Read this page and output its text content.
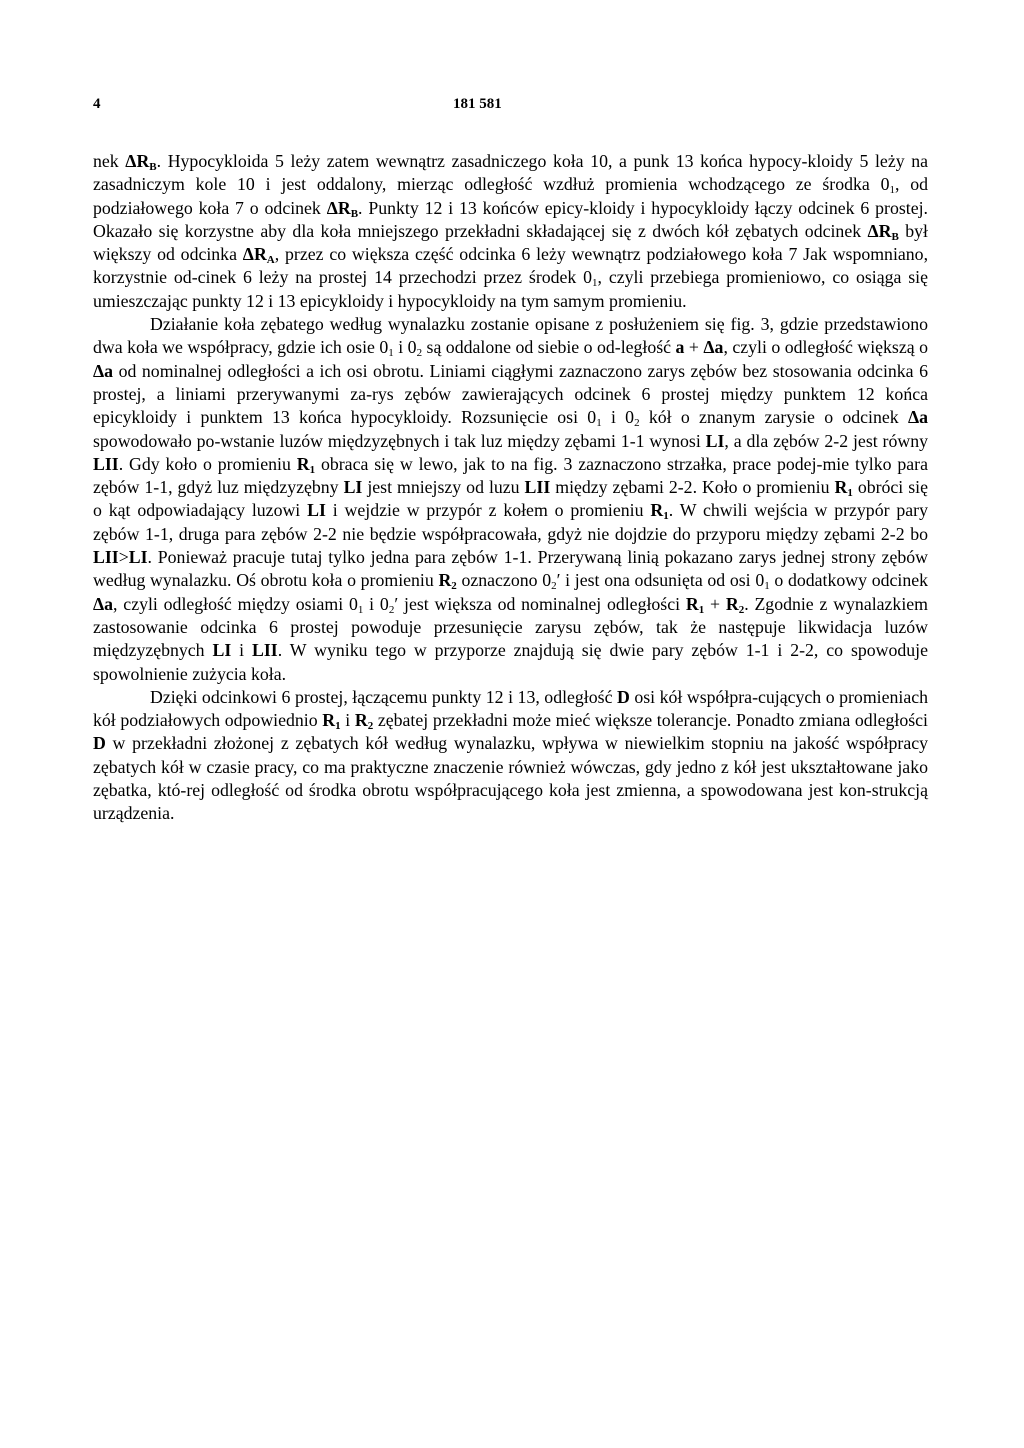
4	181 581

nek $\Delta R_B$. Hypocykloida 5 leży zatem wewnątrz zasadniczego koła 10, a punk 13 końca hypocy-kloidy 5 leży na zasadniczym kole 10 i jest oddalony, mierząc odległość wzdłuż promienia wchodzącego ze środka $0_1$, od podziałowego koła 7 o odcinek $\Delta R_B$. Punkty 12 i 13 końców epicy-kloidy i hypocykloidy łączy odcinek 6 prostej. Okazało się korzystne aby dla koła mniejszego przekładni składającej się z dwóch kół zębatych odcinek $\Delta R_B$ był większy od odcinka $\Delta R_A$, przez co większa część odcinka 6 leży wewnątrz podziałowego koła 7 Jak wspomniano, korzystnie od-cinek 6 leży na prostej 14 przechodzi przez środek $0_1$, czyli przebiega promieniowo, co osiąga się umieszczając punkty 12 i 13 epicykloidy i hypocykloidy na tym samym promieniu.

Działanie koła zębatego według wynalazku zostanie opisane z posłużeniem się fig. 3, gdzie przedstawiono dwa koła we współpracy, gdzie ich osie $0_1$ i $0_2$ są oddalone od siebie o od-ległość a + Δa, czyli o odległość większą o Δa od nominalnej odległości a ich osi obrotu. Liniami ciągłymi zaznaczono zarys zębów bez stosowania odcinka 6 prostej, a liniami przerywanymi za-rys zębów zawierających odcinek 6 prostej między punktem 12 końca epicykloidy i punktem 13 końca hypocykloidy. Rozsunięcie osi $0_1$ i $0_2$ kół o znanym zarysie o odcinek Δa spowodowało po-wstanie luzów międzyzębnych i tak luz między zębami 1-1 wynosi LI, a dla zębów 2-2 jest równy LII. Gdy koło o promieniu $R_1$ obraca się w lewo, jak to na fig. 3 zaznaczono strzałka, prace podej-mie tylko para zębów 1-1, gdyż luz międzyzębny LI jest mniejszy od luzu LII między zębami 2-2. Koło o promieniu $R_1$ obróci się o kąt odpowiadający luzowi LI i wejdzie w przypór z kołem o promieniu $R_1$. W chwili wejścia w przypór pary zębów 1-1, druga para zębów 2-2 nie będzie współpracowała, gdyż nie dojdzie do przyporu między zębami 2-2 bo LII>LI. Ponieważ pracuje tutaj tylko jedna para zębów 1-1. Przerywaną linią pokazano zarys jednej strony zębów według wynalazku. Oś obrotu koła o promieniu $R_2$ oznaczono $0_2'$ i jest ona odsunięta od osi $0_1$ o dodatkowy odcinek Δa, czyli odległość między osiami $0_1$ i $0_2'$ jest większa od nominalnej odległości $R_1 + R_2$. Zgodnie z wynalazkiem zastosowanie odcinka 6 prostej powoduje przesunięcie zarysu zębów, tak że następuje likwidacja luzów międzyzębnych LI i LII. W wyniku tego w przyporze znajdują się dwie pary zębów 1-1 i 2-2, co spowoduje spowolnienie zużycia koła.

Dzięki odcinkowi 6 prostej, łączącemu punkty 12 i 13, odległość D osi kół współpra-cujących o promieniach kół podziałowych odpowiednio $R_1$ i $R_2$ zębatej przekładni może mieć większe tolerancje. Ponadto zmiana odległości D w przekładni złożonej z zębatych kół według wynalazku, wpływa w niewielkim stopniu na jakość współpracy zębatych kół w czasie pracy, co ma praktyczne znaczenie również wówczas, gdy jedno z kół jest ukształtowane jako zębatka, któ-rej odległość od środka obrotu współpracującego koła jest zmienna, a spowodowana jest kon-strukcją urządzenia.
